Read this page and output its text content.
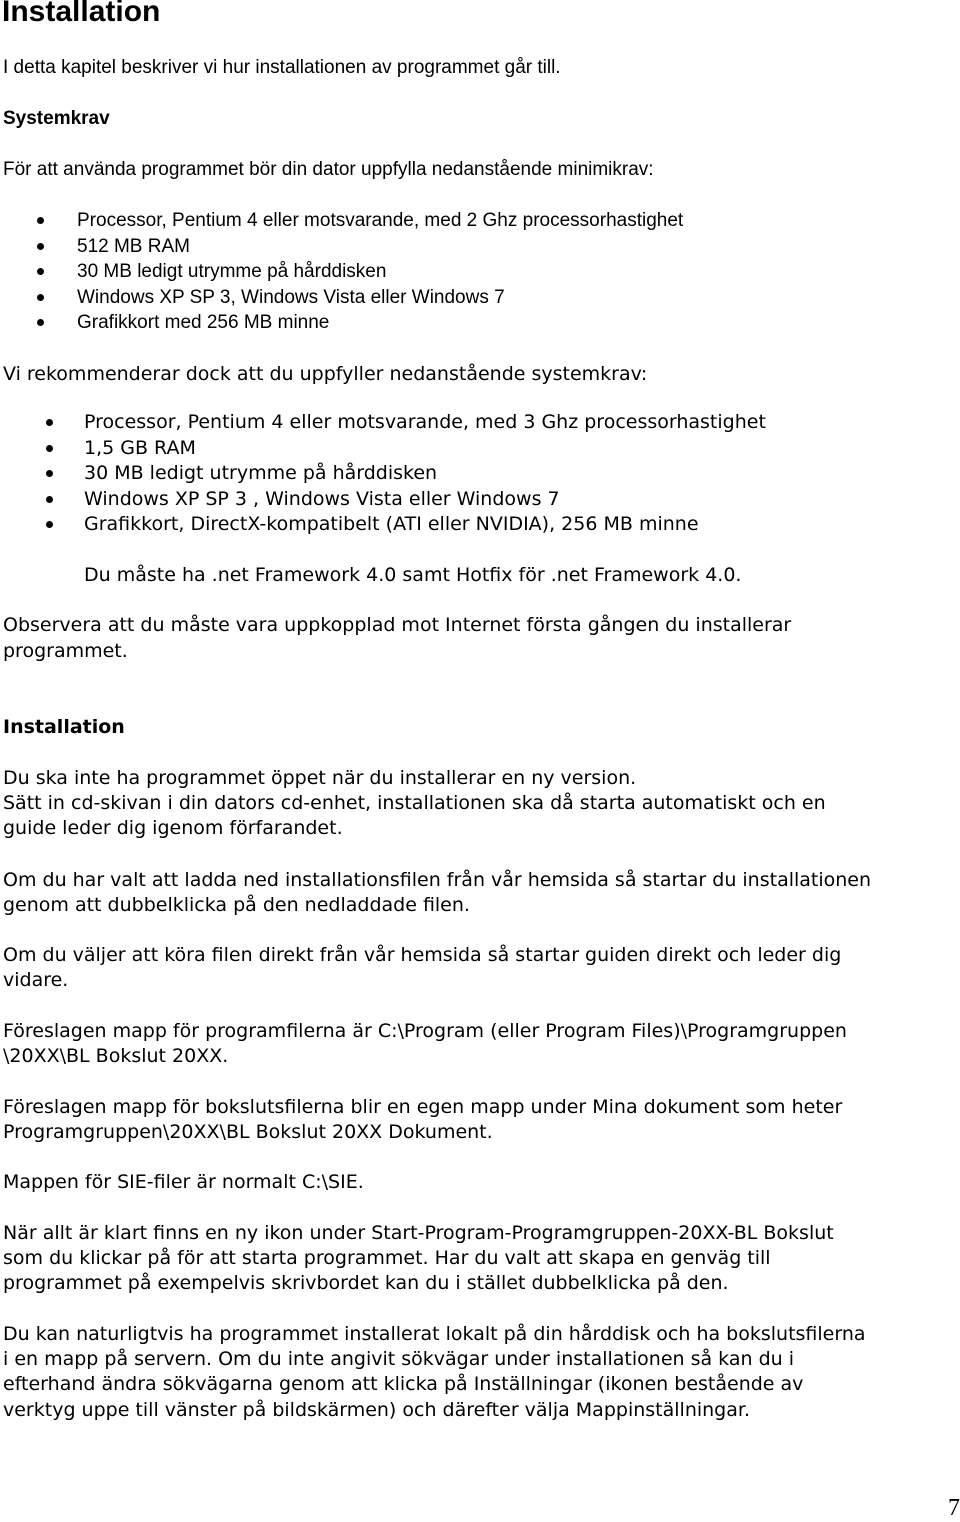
Installation

I detta kapitel beskriver vi hur installationen av programmet går till.

Systemkrav

För att använda programmet bör din dator uppfylla nedanstående minimikrav:

Processor, Pentium 4 eller motsvarande, med 2 Ghz processorhastighet
512 MB RAM
30 MB ledigt utrymme på hårddisken
Windows XP SP 3, Windows Vista eller Windows 7
Grafikkort med 256 MB minne

Vi rekommenderar dock att du uppfyller nedanstående systemkrav:

Processor, Pentium 4 eller motsvarande, med 3 Ghz processorhastighet
1,5 GB RAM
30 MB ledigt utrymme på hårddisken
Windows XP SP 3 , Windows Vista eller Windows 7
Grafikkort, DirectX-kompatibelt (ATI eller NVIDIA), 256 MB minne

Du måste ha .net Framework 4.0 samt Hotfix för .net Framework 4.0.

Observera att du måste vara uppkopplad mot Internet första gången du installerar

programmet.

Installation

Du ska inte ha programmet öppet när du installerar en ny version.

Sätt in cd-skivan i din dators cd-enhet, installationen ska då starta automatiskt och en

guide leder dig igenom förfarandet.

Om du har valt att ladda ned installationsfilen från vår hemsida så startar du installationen

genom att dubbelklicka på den nedladdade filen.

Om du väljer att köra filen direkt från vår hemsida så startar guiden direkt och leder dig

vidare.

Föreslagen mapp för programfilerna är C:\Program (eller Program Files)\Programgruppen

\20XX\BL Bokslut 20XX.

Föreslagen mapp för bokslutsfilerna blir en egen mapp under Mina dokument som heter

Programgruppen\20XX\BL Bokslut 20XX Dokument.

Mappen för SIE-filer är normalt C:\SIE.

När allt är klart finns en ny ikon under Start-Program-Programgruppen-20XX-BL Bokslut

som du klickar på för att starta programmet. Har du valt att skapa en genväg till

programmet på exempelvis skrivbordet kan du i stället dubbelklicka på den.

Du kan naturligtvis ha programmet installerat lokalt på din hårddisk och ha bokslutsfilerna

i en mapp på servern. Om du inte angivit sökvägar under installationen så kan du i

efterhand ändra sökvägarna genom att klicka på Inställningar (ikonen bestående av

verktyg uppe till vänster på bildskärmen) och därefter välja Mappinställningar.

7
